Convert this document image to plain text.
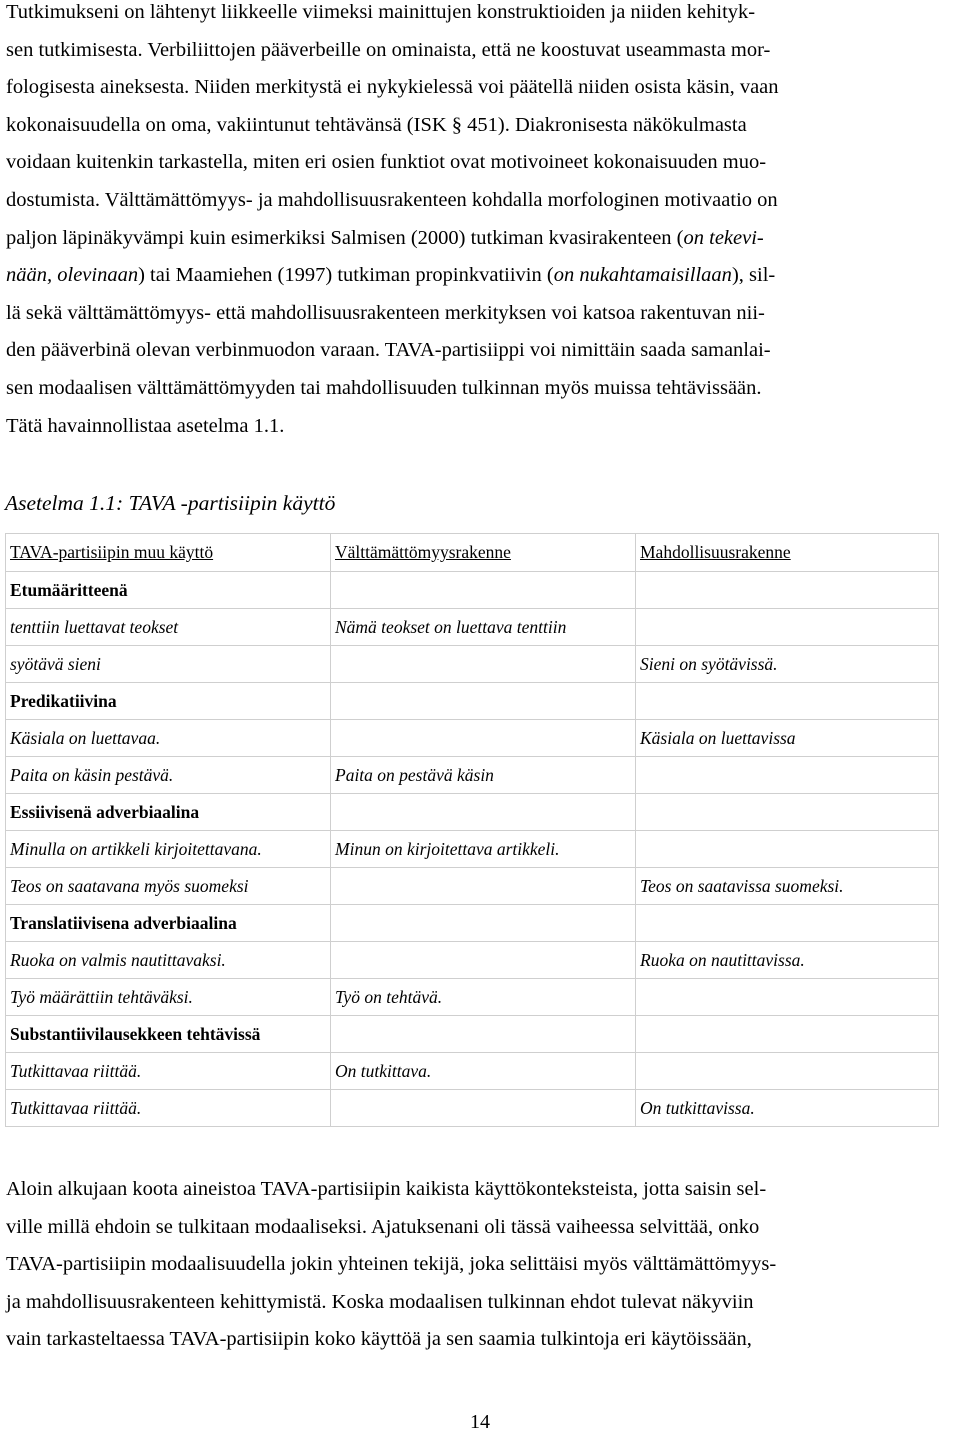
Tutkimukseni on lähtenyt liikkeelle viimeksi mainittujen konstruktioiden ja niiden kehityk-
sen tutkimisesta. Verbiliittojen pääverbeille on ominaista, että ne koostuvat useammasta mor-
fologisesta aineksesta. Niiden merkitystä ei nykykielessä voi päätellä niiden osista käsin, vaan
kokonaisuudella on oma, vakiintunut tehtävänsä (ISK § 451). Diakronisesta näkökulmasta
voidaan kuitenkin tarkastella, miten eri osien funktiot ovat motivoineet kokonaisuuden muo-
dostumista. Välttämättömyys- ja mahdollisuusrakenteen kohdalla morfologinen motivaatio on
paljon läpinäkyvämpi kuin esimerkiksi Salmisen (2000) tutkiman kvasirakenteen (on tekevi-
nään, olevinaan) tai Maamiehen (1997) tutkiman propinkvatiivin (on nukahtamaisillaan), sil-
lä sekä välttämättömyys- että mahdollisuusrakenteen merkityksen voi katsoa rakentuvan nii-
den pääverbinä olevan verbinmuodon varaan. TAVA-partisiippi voi nimittäin saada samanlai-
sen modaalisen välttämättömyyden tai mahdollisuuden tulkinnan myös muissa tehtävissään.
Tätä havainnollistaa asetelma 1.1.
Asetelma 1.1: TAVA -partisiipin käyttö
TAVA-partisiipin muu käyttö	Välttämättömyysrakenne	Mahdollisuusrakenne
Etumääritteenä		
tenttiin luettavat teokset	Nämä teokset on luettava tenttiin	
syötävä sieni		Sieni on syötävissä.
Predikatiivina		
Käsiala on luettavaa.		Käsiala on luettavissa
Paita on käsin pestävä.	Paita on pestävä käsin	
Essiivisenä adverbiaalina		
Minulla on artikkeli kirjoitettavana.	Minun on kirjoitettava artikkeli.	
Teos on saatavana myös suomeksi		Teos on saatavissa suomeksi.
Translatiivisena adverbiaalina		
Ruoka on valmis nautittavaksi.		Ruoka on nautittavissa.
Työ määrättiin tehtäväksi.	Työ on tehtävä.	
Substantiivilausekkeen tehtävissä		
Tutkittavaa riittää.	On tutkittava.	
Tutkittavaa riittää.		On tutkittavissa.
Aloin alkujaan koota aineistoa TAVA-partisiipin kaikista käyttökonteksteista, jotta saisin sel-
ville millä ehdoin se tulkitaan modaaliseksi. Ajatuksenani oli tässä vaiheessa selvittää, onko
TAVA-partisiipin modaalisuudella jokin yhteinen tekijä, joka selittäisi myös välttämättömyys-
ja mahdollisuusrakenteen kehittymistä. Koska modaalisen tulkinnan ehdot tulevat näkyviin
vain tarkasteltaessa TAVA-partisiipin koko käyttöä ja sen saamia tulkintoja eri käytöissään,
14
